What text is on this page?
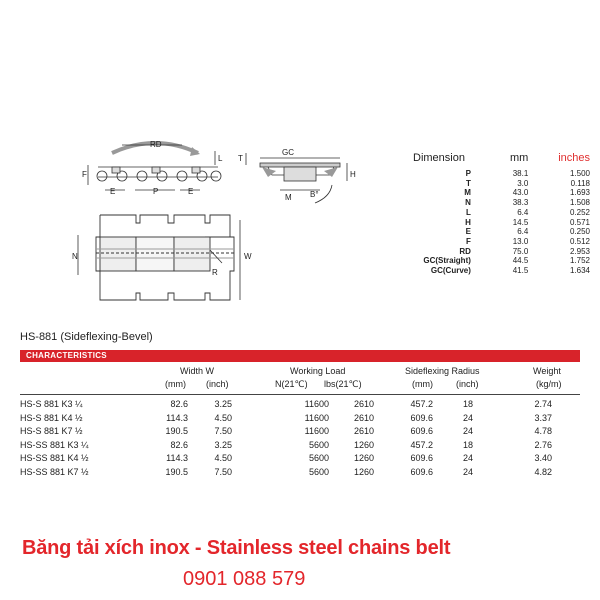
RD
F
E	P	E
L T
GC
H
M B°
N
R
W
Dimension	mm	inches
P	38.1	1.500
T	3.0	0.118
M	43.0	1.693
N	38.3	1.508
L	6.4	0.252
H	14.5	0.571
E	6.4	0.250
F	13.0	0.512
RD	75.0	2.953
GC(Straight)	44.5	1.752
GC(Curve)	41.5	1.634
HS-881 (Sideflexing-Bevel)
CHARACTERISTICS
Width W	Working Load	Sideflexing Radius	Weight
(mm) (inch)	N(21℃) lbs(21℃)	(mm)	(inch)	(kg/m)
HS-S 881 K3 ¼	82.6	3.25	11600	2610	457.2	18	2.74
HS-S 881 K4 ½	114.3	4.50	11600	2610	609.6	24	3.37
HS-S 881 K7 ½	190.5	7.50	11600	2610	609.6	24	4.78
HS-SS 881 K3 ¼	82.6	3.25	5600	1260	457.2	18	2.76
HS-SS 881 K4 ½	114.3	4.50	5600	1260	609.6	24	3.40
HS-SS 881 K7 ½	190.5	7.50	5600	1260	609.6	24	4.82
Băng tải xích inox - Stainless steel chains belt
0901 088 579
